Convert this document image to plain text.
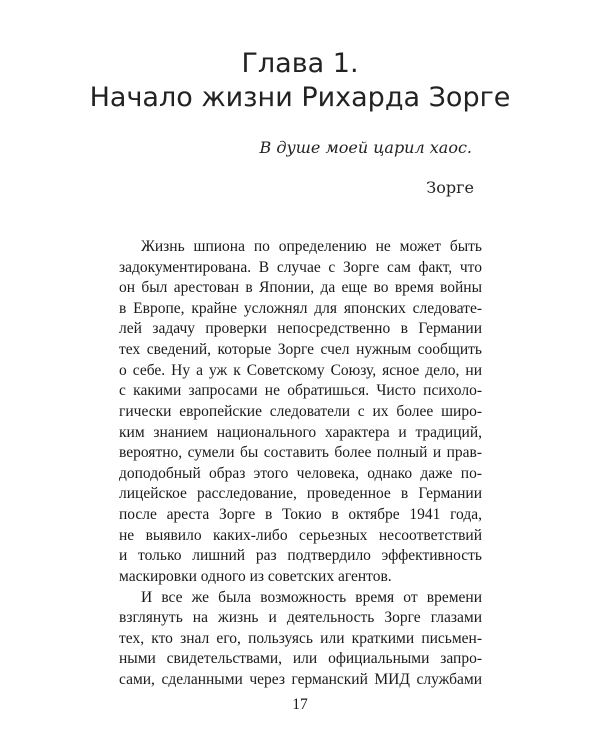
Глава 1.
Начало жизни Рихарда Зорге
В душе моей царил хаос.
Зорге
Жизнь шпиона по определению не может быть
задокументирована. В случае с Зорге сам факт, что
он был арестован в Японии, да еще во время войны
в Европе, крайне усложнял для японских следовате-
лей задачу проверки непосредственно в Германии
тех сведений, которые Зорге счел нужным сообщить
о себе. Ну а уж к Советскому Союзу, ясное дело, ни
с какими запросами не обратишься. Чисто психоло-
гически европейские следователи с их более широ-
ким знанием национального характера и традиций,
вероятно, сумели бы составить более полный и прав-
доподобный образ этого человека, однако даже по-
лицейское расследование, проведенное в Германии
после ареста Зорге в Токио в октябре 1941 года,
не выявило каких-либо серьезных несоответствий
и только лишний раз подтвердило эффективность
маскировки одного из советских агентов.
И все же была возможность время от времени
взглянуть на жизнь и деятельность Зорге глазами
тех, кто знал его, пользуясь или краткими письмен-
ными свидетельствами, или официальными запро-
сами, сделанными через германский МИД службами
17
